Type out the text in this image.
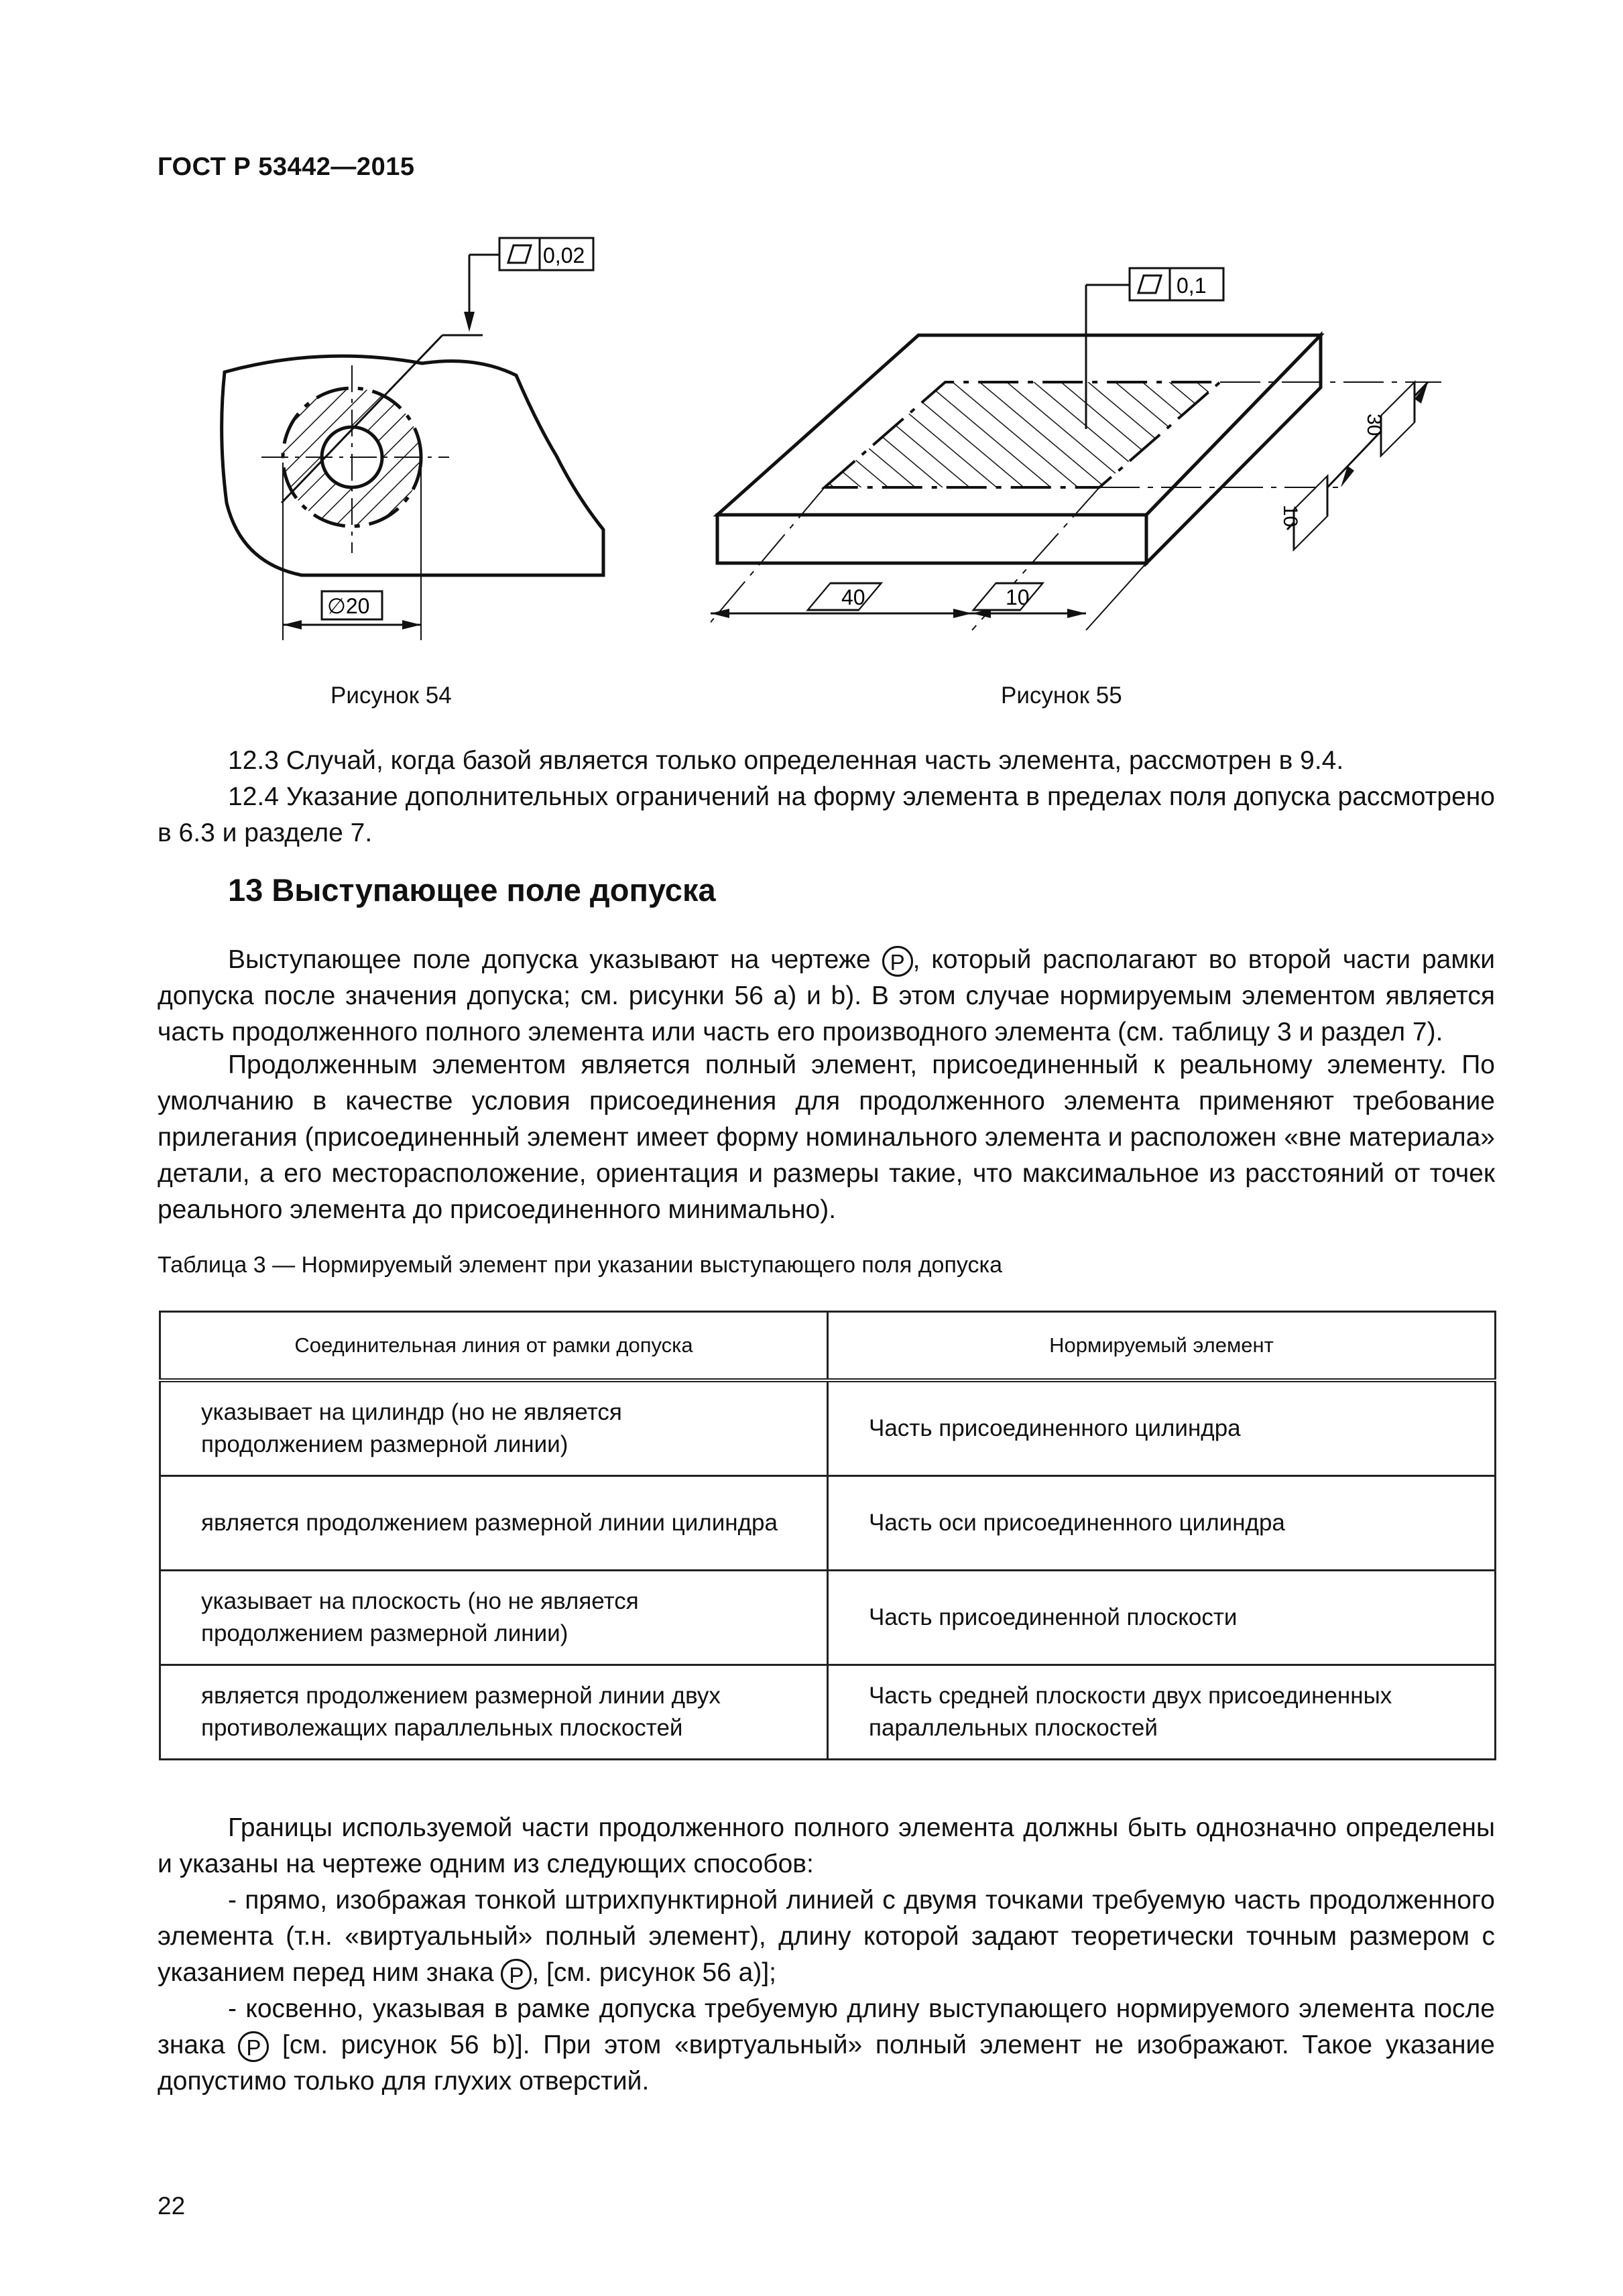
ГОСТ Р 53442—2015
0,02
∅20
Рисунок 54
0,1
40	10
30
10
Рисунок 55
12.3 Случай, когда базой является только определенная часть элемента, рассмотрен в 9.4.
12.4 Указание дополнительных ограничений на форму элемента в пределах поля допуска рассмотрено в 6.3 и разделе 7.
13 Выступающее поле допуска
Выступающее поле допуска указывают на чертеже P , который располагают во второй части рамки допуска после значения допуска; см. рисунки 56 а) и b). В этом случае нормируемым элементом является часть продолженного полного элемента или часть его производного элемента (см. таблицу 3 и раздел 7).
Продолженным элементом является полный элемент, присоединенный к реальному элементу. По умолчанию в качестве условия присоединения для продолженного элемента применяют требование прилегания (присоединенный элемент имеет форму номинального элемента и расположен «вне материала» детали, а его месторасположение, ориентация и размеры такие, что максимальное из расстояний от точек реального элемента до присоединенного минимально).
Таблица 3 — Нормируемый элемент при указании выступающего поля допуска
Соединительная линия от рамки допуска	Нормируемый элемент
указывает на цилиндр (но не является продолжением размерной линии)	Часть присоединенного цилиндра
является продолжением размерной линии цилиндра	Часть оси присоединенного цилиндра
указывает на плоскость (но не является продолжением размерной линии)	Часть присоединенной плоскости
является продолжением размерной линии двух противолежащих параллельных плоскостей	Часть средней плоскости двух присоединенных параллельных плоскостей
Границы используемой части продолженного полного элемента должны быть однозначно определены и указаны на чертеже одним из следующих способов:
- прямо, изображая тонкой штрихпунктирной линией с двумя точками требуемую часть продолженного элемента (т.н. «виртуальный» полный элемент), длину которой задают теоретически точным размером с указанием перед ним знака P , [см. рисунок 56 а)];
- косвенно, указывая в рамке допуска требуемую длину выступающего нормируемого элемента после знака P [см. рисунок 56 b)]. При этом «виртуальный» полный элемент не изображают. Такое указание допустимо только для глухих отверстий.
22
